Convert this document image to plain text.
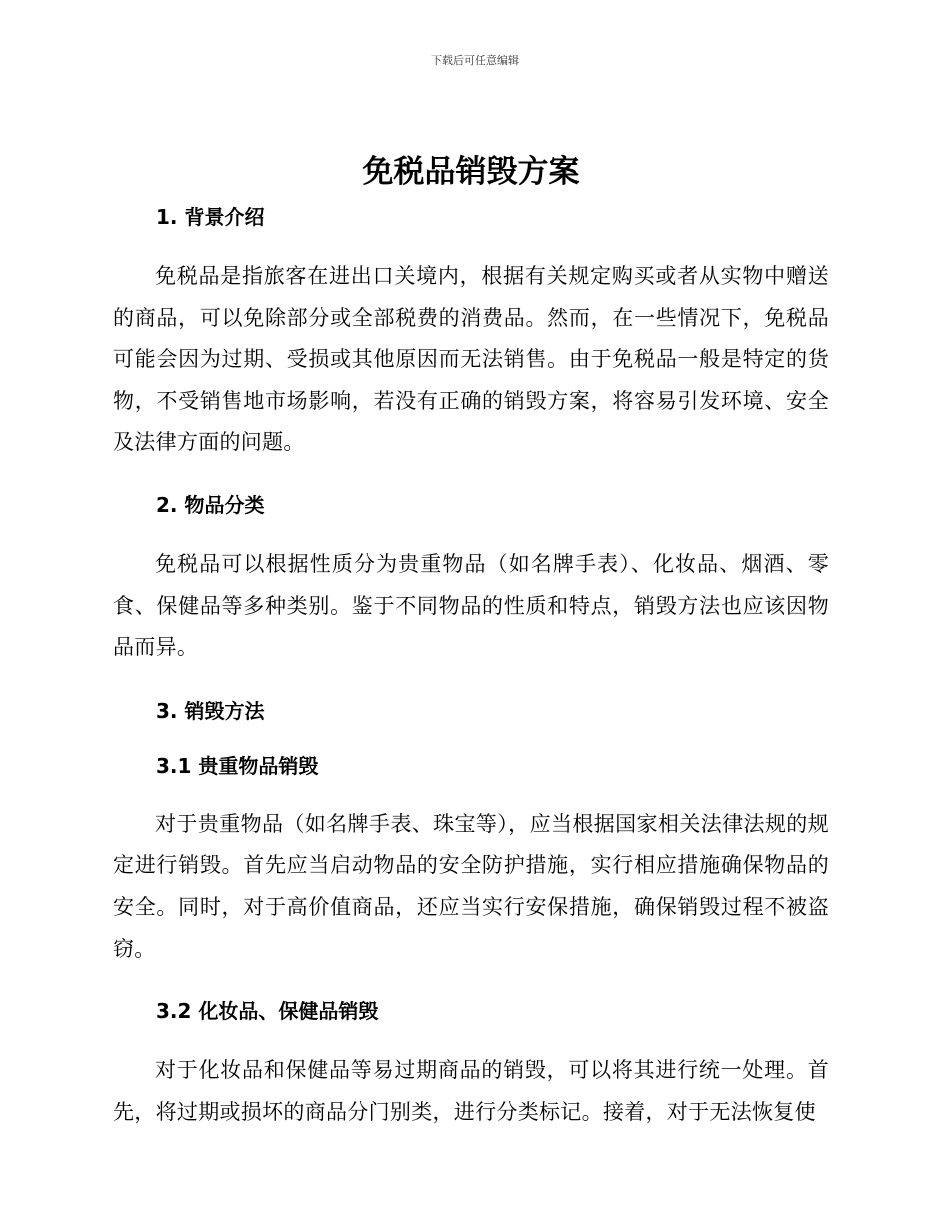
下载后可任意编辑
免税品销毁方案
1. 背景介绍

免税品是指旅客在进出口关境内，根据有关规定购买或者从实物中赠送的商品，可以免除部分或全部税费的消费品。然而，在一些情况下，免税品可能会因为过期、受损或其他原因而无法销售。由于免税品一般是特定的货物，不受销售地市场影响，若没有正确的销毁方案，将容易引发环境、安全及法律方面的问题。

2. 物品分类

免税品可以根据性质分为贵重物品（如名牌手表）、化妆品、烟酒、零食、保健品等多种类别。鉴于不同物品的性质和特点，销毁方法也应该因物品而异。

3. 销毁方法
3.1 贵重物品销毁

对于贵重物品（如名牌手表、珠宝等），应当根据国家相关法律法规的规定进行销毁。首先应当启动物品的安全防护措施，实行相应措施确保物品的安全。同时，对于高价值商品，还应当实行安保措施，确保销毁过程不被盗窃。

3.2 化妆品、保健品销毁

对于化妆品和保健品等易过期商品的销毁，可以将其进行统一处理。首先，将过期或损坏的商品分门别类，进行分类标记。接着，对于无法恢复使
